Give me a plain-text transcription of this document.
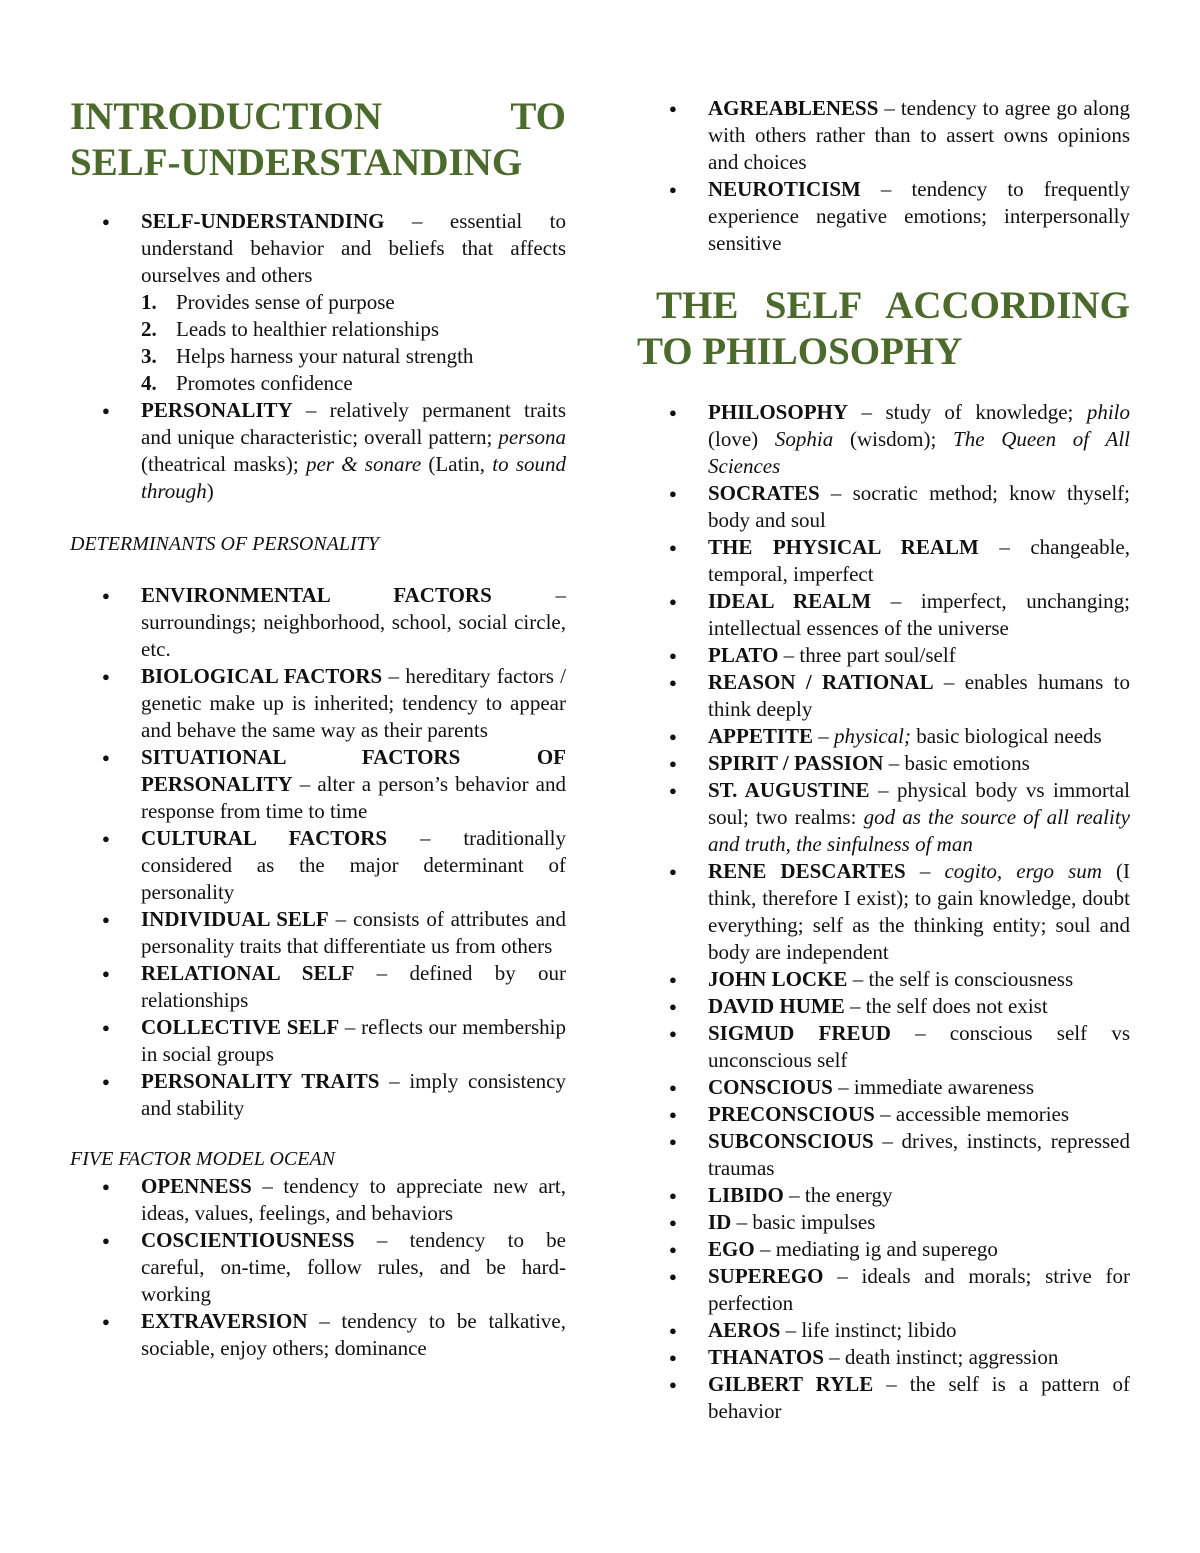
INTRODUCTION	TO
SELF-UNDERSTANDING
● SELF-UNDERSTANDING – essential to understand behavior and beliefs that affects ourselves and others
1. Provides sense of purpose
2. Leads to healthier relationships
3. Helps harness your natural strength
4. Promotes confidence
● PERSONALITY – relatively permanent traits and unique characteristic; overall pattern; persona (theatrical masks); per & sonare (Latin, to sound through)

DETERMINANTS OF PERSONALITY

● ENVIRONMENTAL FACTORS – surroundings; neighborhood, school, social circle, etc.
● BIOLOGICAL FACTORS – hereditary factors / genetic make up is inherited; tendency to appear and behave the same way as their parents
● SITUATIONAL FACTORS OF PERSONALITY – alter a person’s behavior and response from time to time
● CULTURAL FACTORS – traditionally considered as the major determinant of personality
● INDIVIDUAL SELF – consists of attributes and personality traits that differentiate us from others
● RELATIONAL SELF – defined by our relationships
● COLLECTIVE SELF – reflects our membership in social groups
● PERSONALITY TRAITS – imply consistency and stability

FIVE FACTOR MODEL OCEAN

● OPENNESS – tendency to appreciate new art, ideas, values, feelings, and behaviors
● COSCIENTIOUSNESS – tendency to be careful, on-time, follow rules, and be hard-working
● EXTRAVERSION – tendency to be talkative, sociable, enjoy others; dominance
● AGREABLENESS – tendency to agree go along with others rather than to assert owns opinions and choices
● NEUROTICISM – tendency to frequently experience negative emotions; interpersonally sensitive
THE SELF ACCORDING
TO PHILOSOPHY
● PHILOSOPHY – study of knowledge; philo (love) Sophia (wisdom); The Queen of All Sciences
● SOCRATES – socratic method; know thyself; body and soul
● THE PHYSICAL REALM – changeable, temporal, imperfect
● IDEAL REALM – imperfect, unchanging; intellectual essences of the universe
● PLATO – three part soul/self
● REASON / RATIONAL – enables humans to think deeply
● APPETITE – physical; basic biological needs
● SPIRIT / PASSION – basic emotions
● ST. AUGUSTINE – physical body vs immortal soul; two realms: god as the source of all reality and truth, the sinfulness of man
● RENE DESCARTES – cogito, ergo sum (I think, therefore I exist); to gain knowledge, doubt everything; self as the thinking entity; soul and body are independent
● JOHN LOCKE – the self is consciousness
● DAVID HUME – the self does not exist
● SIGMUD FREUD – conscious self vs unconscious self
● CONSCIOUS – immediate awareness
● PRECONSCIOUS – accessible memories
● SUBCONSCIOUS – drives, instincts, repressed traumas
● LIBIDO – the energy
● ID – basic impulses
● EGO – mediating ig and superego
● SUPEREGO – ideals and morals; strive for perfection
● AEROS – life instinct; libido
● THANATOS – death instinct; aggression
● GILBERT RYLE – the self is a pattern of behavior
